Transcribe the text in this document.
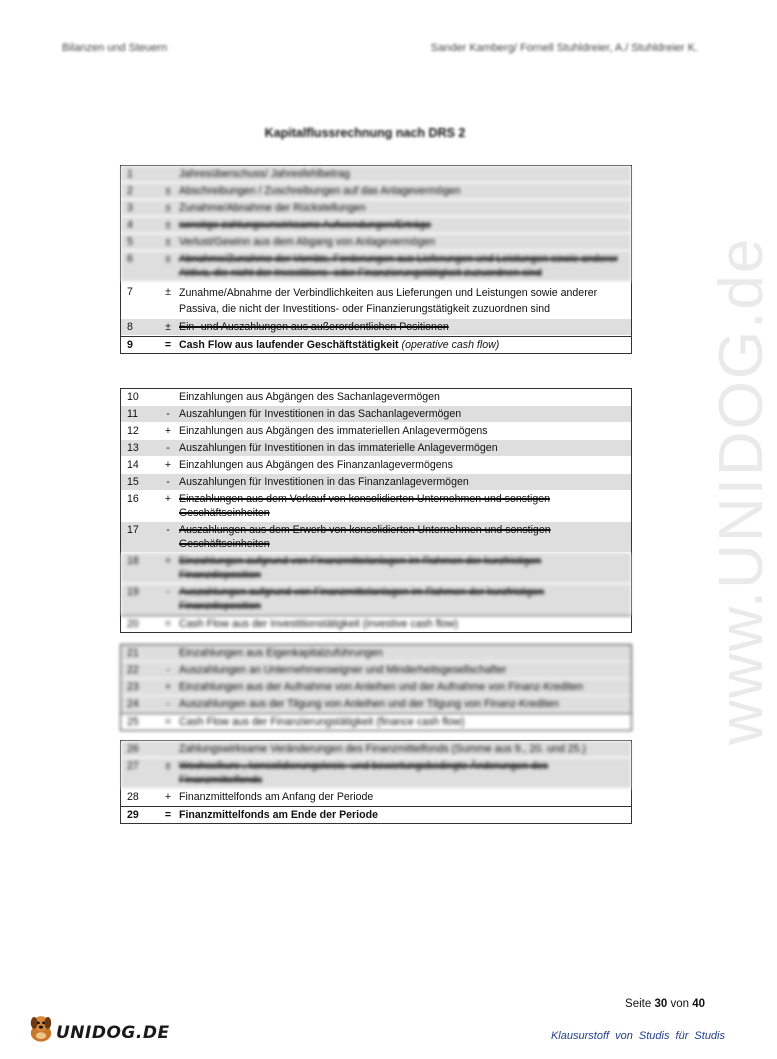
Bilanzen und Steuern	Sander Kamberg/ Fornell Stuhldreier, A./ Stuhldreier K.
www.UNIDOG.de
Kapitalflussrechnung nach DRS 2
1	Jahresüberschuss/ Jahresfehlbetrag
2	± Abschreibungen / Zuschreibungen auf das Anlagevermögen
3	± Zunahme/Abnahme der Rückstellungen
4	± sonstige zahlungsunwirksame Aufwendungen/Erträge
5	± Verlust/Gewinn aus dem Abgang von Anlagevermögen
6	± Abnahme/Zunahme der Vorräte, Forderungen aus Lieferungen und Leistungen sowie anderer Aktiva, die nicht der Investitions- oder Finanzierungstätigkeit zuzuordnen sind
7	± Zunahme/Abnahme der Verbindlichkeiten aus Lieferungen und Leistungen sowie anderer Passiva, die nicht der Investitions- oder Finanzierungstätigkeit zuzuordnen sind
8	± Ein- und Auszahlungen aus außerordentlichen Positionen
9	= Cash Flow aus laufender Geschäftstätigkeit (operative cash flow)
10	Einzahlungen aus Abgängen des Sachanlagevermögen
11	- Auszahlungen für Investitionen in das Sachanlagevermögen
12	+ Einzahlungen aus Abgängen des immateriellen Anlagevermögens
13	- Auszahlungen für Investitionen in das immaterielle Anlagevermögen
14	+ Einzahlungen aus Abgängen des Finanzanlagevermögens
15	- Auszahlungen für Investitionen in das Finanzanlagevermögen
16	+ Einzahlungen aus dem Verkauf von konsolidierten Unternehmen und sonstigen Geschäftseinheiten
17	- Auszahlungen aus dem Erwerb von konsolidierten Unternehmen und sonstigen Geschäftseinheiten
18	+ Einzahlungen aufgrund von Finanzmittelanlagen im Rahmen der kurzfristigen Finanzdisposition
19	- Auszahlungen aufgrund von Finanzmittelanlagen im Rahmen der kurzfristigen Finanzdisposition
20	= Cash Flow aus der Investitionstätigkeit (investive cash flow)
21	Einzahlungen aus Eigenkapitalzuführungen
22	- Auszahlungen an Unternehmenseigner und Minderheitsgesellschafter
23	+ Einzahlungen aus der Aufnahme von Anleihen und der Aufnahme von Finanz-Krediten
24	- Auszahlungen aus der Tilgung von Anleihen und der Tilgung von Finanz-Krediten
25	= Cash Flow aus der Finanzierungstätigkeit (finance cash flow)
26	Zahlungswirksame Veränderungen des Finanzmittelfonds (Summe aus 9., 20. und 25.)
27	± Wechselkurs-, konsolidierungskreis- und bewertungsbedingte Änderungen des Finanzmittelfonds
28	+ Finanzmittelfonds am Anfang der Periode
29	= Finanzmittelfonds am Ende der Periode
Seite 30 von 40
UNIDOG.DE	Klausurstoff von Studis für Studis
